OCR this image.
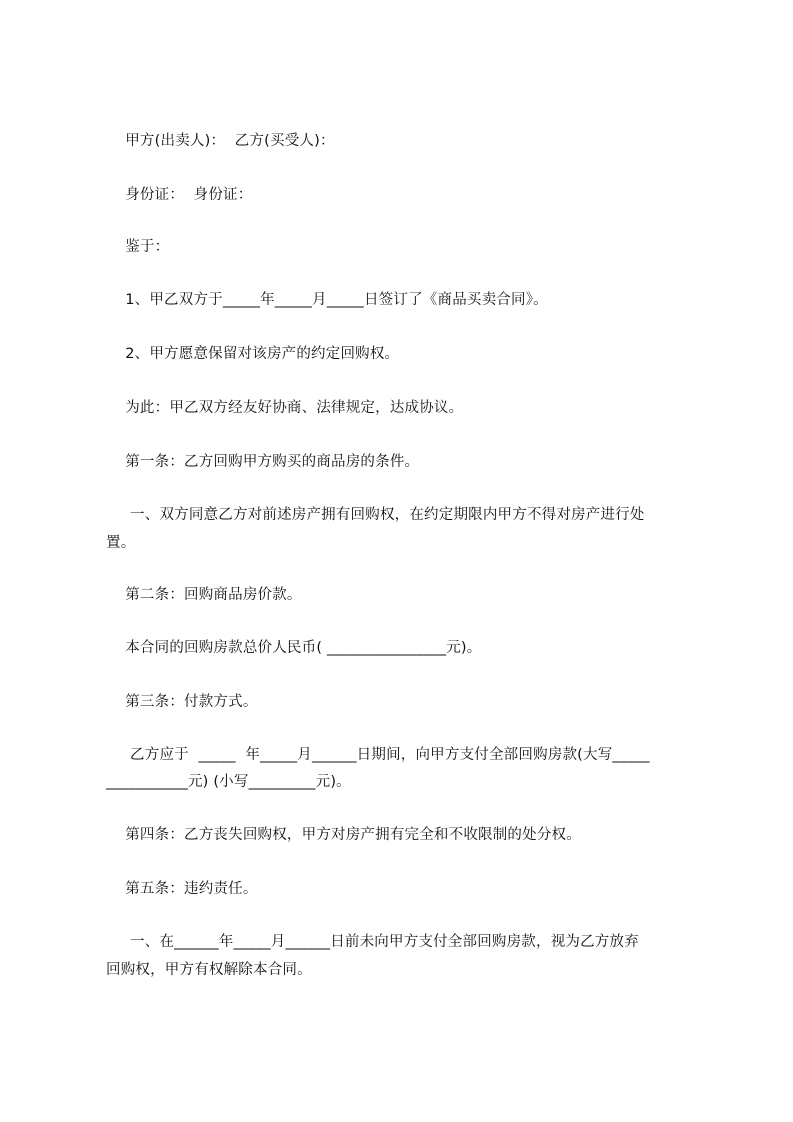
甲方(出卖人)：  乙方(买受人)：
身份证：  身份证：
鉴于：
1、甲乙双方于_____年_____月_____日签订了《商品买卖合同》。
2、甲方愿意保留对该房产的约定回购权。
为此：甲乙双方经友好协商、法律规定，达成协议。
第一条：乙方回购甲方购买的商品房的条件。
一、双方同意乙方对前述房产拥有回购权，在约定期限内甲方不得对房产进行处
置。
第二条：回购商品房价款。
本合同的回购房款总价人民币( ________________元)。
第三条：付款方式。
乙方应于  _____  年_____月______日期间，向甲方支付全部回购房款(大写_____
___________元) (小写_________元)。
第四条：乙方丧失回购权，甲方对房产拥有完全和不收限制的处分权。
第五条：违约责任。
一、在______年_____月______日前未向甲方支付全部回购房款，视为乙方放弃
回购权，甲方有权解除本合同。
